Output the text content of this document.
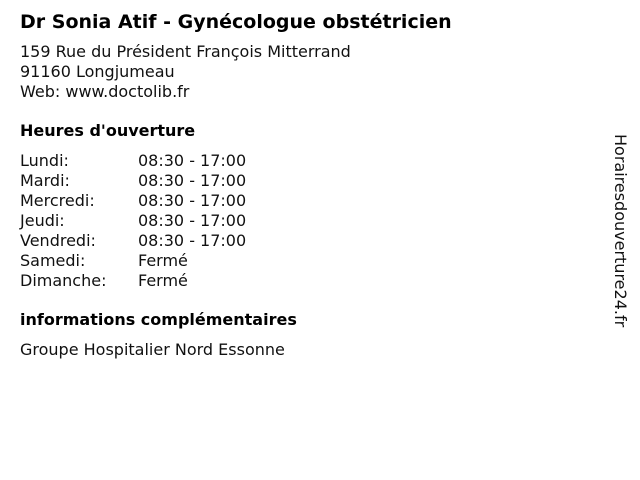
Dr Sonia Atif - Gynécologue obstétricien
159 Rue du Président François Mitterrand
91160 Longjumeau
Web: www.doctolib.fr
Heures d'ouverture
Lundi:	08:30 - 17:00
Mardi:	08:30 - 17:00
Mercredi:	08:30 - 17:00
Jeudi:	08:30 - 17:00
Vendredi:	08:30 - 17:00
Samedi:	Fermé
Dimanche:	Fermé
informations complémentaires
Groupe Hospitalier Nord Essonne
Horairesdouverture24.fr
